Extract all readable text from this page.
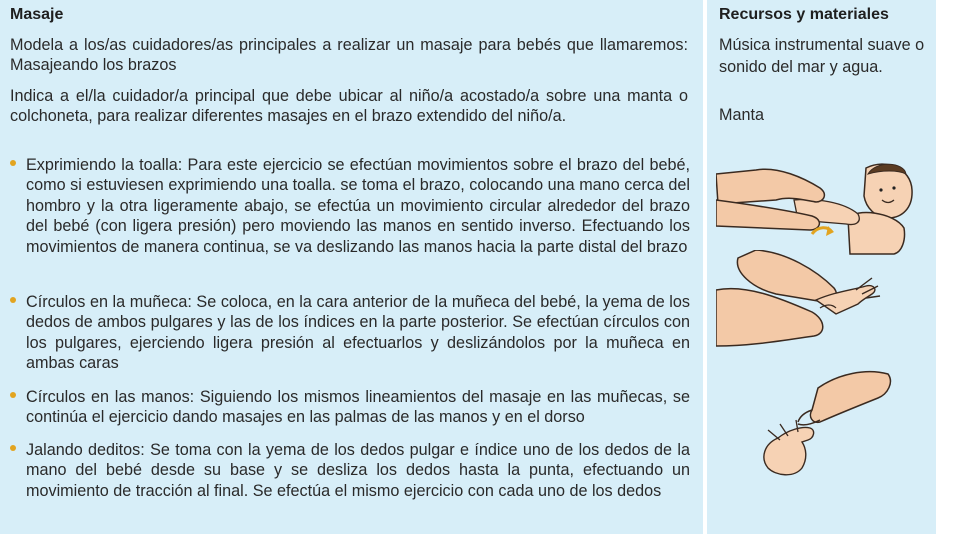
Masaje
Modela a los/as cuidadores/as principales a realizar un masaje para bebés que llamaremos: Masajeando los brazos
Indica a el/la cuidador/a principal que debe ubicar al niño/a acostado/a sobre una manta o colchoneta, para realizar diferentes masajes en el brazo extendido del niño/a.
Exprimiendo la toalla: Para este ejercicio se efectúan movimientos sobre el brazo del bebé, como si estuviesen exprimiendo una toalla. se toma el brazo, colocando una mano cerca del hombro y la otra ligeramente abajo, se efectúa un movimiento circular alrededor del brazo del bebé (con ligera presión) pero moviendo las manos en sentido inverso. Efectuando los movimientos de manera continua, se va deslizando las manos hacia la parte distal del brazo
Círculos en la muñeca: Se coloca, en la cara anterior de la muñeca del bebé, la yema de los dedos de ambos pulgares y las de los índices en la parte posterior. Se efectúan círculos con los pulgares, ejerciendo ligera presión al efectuarlos y deslizándolos por la muñeca en ambas caras
Círculos en las manos: Siguiendo los mismos lineamientos del masaje en las muñecas, se continúa el ejercicio dando masajes en las palmas de las manos y en el dorso
Jalando deditos: Se toma con la yema de los dedos pulgar e índice uno de los dedos de la mano del bebé desde su base y se desliza los dedos hasta la punta, efectuando un movimiento de tracción al final. Se efectúa el mismo ejercicio con cada uno de los dedos
Recursos y materiales
Música instrumental suave o sonido del mar y agua.
Manta
